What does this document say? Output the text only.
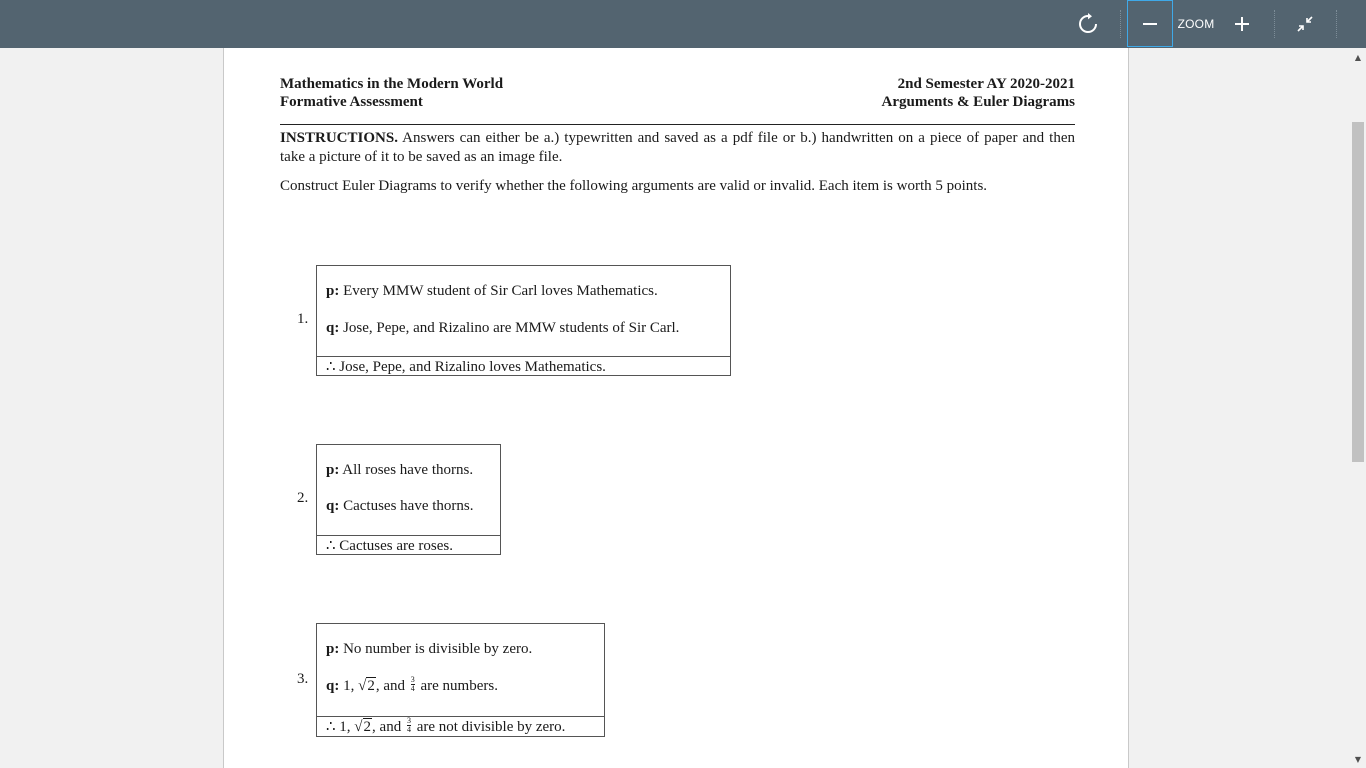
ZOOM
Mathematics in the Modern World
Formative Assessment
2nd Semester AY 2020-2021
Arguments & Euler Diagrams
INSTRUCTIONS. Answers can either be a.) typewritten and saved as a pdf file or b.) handwritten on a piece of paper and then take a picture of it to be saved as an image file.
Construct Euler Diagrams to verify whether the following arguments are valid or invalid. Each item is worth 5 points.
1.
p: Every MMW student of Sir Carl loves Mathematics.
q: Jose, Pepe, and Rizalino are MMW students of Sir Carl.
∴ Jose, Pepe, and Rizalino loves Mathematics.
2.
p: All roses have thorns.
q: Cactuses have thorns.
∴ Cactuses are roses.
3.
p: No number is divisible by zero.
q: 1, √2, and $\frac{3}{4}$ are numbers.
∴ 1, √2, and $\frac{3}{4}$ are not divisible by zero.
▲
▼
